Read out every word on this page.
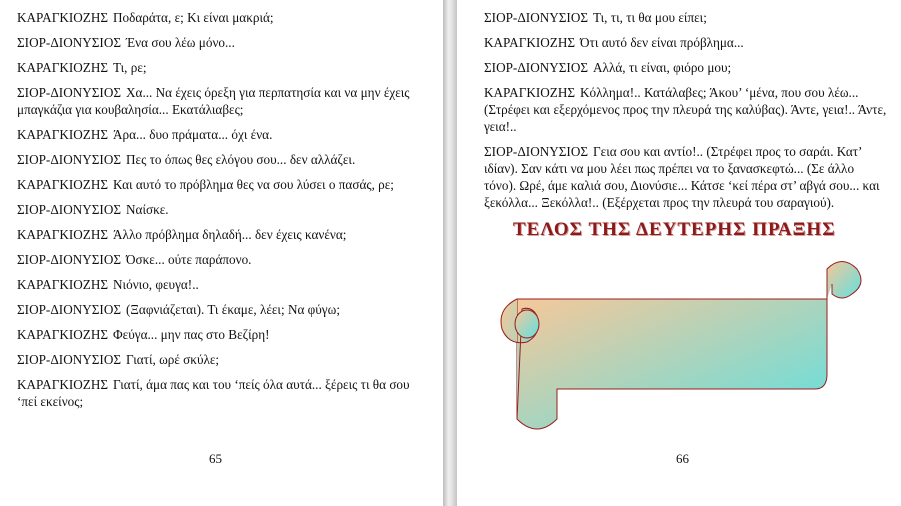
ΚΑΡΑΓΚΙΟΖΗΣ Ποδαράτα, ε; Κι είναι μακριά;

ΣΙΟΡ-ΔΙΟΝΥΣΙΟΣ Ένα σου λέω μόνο...

ΚΑΡΑΓΚΙΟΖΗΣ Τι, ρε;

ΣΙΟΡ-ΔΙΟΝΥΣΙΟΣ Χα... Να έχεις όρεξη για περπατησία και να μην έχεις μπαγκάζια για κουβαλησία... Εκατάλιαβες;

ΚΑΡΑΓΚΙΟΖΗΣ Άρα... δυο πράματα... όχι ένα.

ΣΙΟΡ-ΔΙΟΝΥΣΙΟΣ Πες το όπως θες ελόγου σου... δεν αλλάζει.

ΚΑΡΑΓΚΙΟΖΗΣ Και αυτό το πρόβλημα θες να σου λύσει ο πασάς, ρε;

ΣΙΟΡ-ΔΙΟΝΥΣΙΟΣ Ναίσκε.

ΚΑΡΑΓΚΙΟΖΗΣ Άλλο πρόβλημα δηλαδή... δεν έχεις κανένα;

ΣΙΟΡ-ΔΙΟΝΥΣΙΟΣ Όσκε... ούτε παράπονο.

ΚΑΡΑΓΚΙΟΖΗΣ Νιόνιο, φευγα!..

ΣΙΟΡ-ΔΙΟΝΥΣΙΟΣ (Ξαφνιάζεται). Τι έκαμε, λέει; Να φύγω;

ΚΑΡΑΓΚΙΟΖΗΣ Φεύγα... μην πας στο Βεζίρη!

ΣΙΟΡ-ΔΙΟΝΥΣΙΟΣ Γιατί, ωρέ σκύλε;

ΚΑΡΑΓΚΙΟΖΗΣ Γιατί, άμα πας και του ‘πείς όλα αυτά... ξέρεις τι θα σου ‘πεί εκείνος;

65

ΣΙΟΡ-ΔΙΟΝΥΣΙΟΣ Τι, τι, τι θα μου είπει;

ΚΑΡΑΓΚΙΟΖΗΣ Ότι αυτό δεν είναι πρόβλημα...

ΣΙΟΡ-ΔΙΟΝΥΣΙΟΣ Αλλά, τι είναι, φιόρο μου;

ΚΑΡΑΓΚΙΟΖΗΣ Κόλλημα!.. Κατάλαβες; Άκου’ ‘μένα, που σου λέω... (Στρέφει και εξερχόμενος προς την πλευρά της καλύβας). Άντε, γεια!.. Άντε, γεια!..

ΣΙΟΡ-ΔΙΟΝΥΣΙΟΣ Γεια σου και αντίο!.. (Στρέφει προς το σαράι. Κατ’ ιδίαν). Σαν κάτι να μου λέει πως πρέπει να το ξανασκεφτώ... (Σε άλλο τόνο). Ωρέ, άμε καλιά σου, Διονύσιε... Κάτσε ‘κεί πέρα στ’ αβγά σου... και ξεκόλλα... Ξεκόλλα!.. (Εξέρχεται προς την πλευρά του σαραγιού).

ΤΕΛΟΣ ΤΗΣ ΔΕΥΤΕΡΗΣ ΠΡΑΞΗΣ
66
